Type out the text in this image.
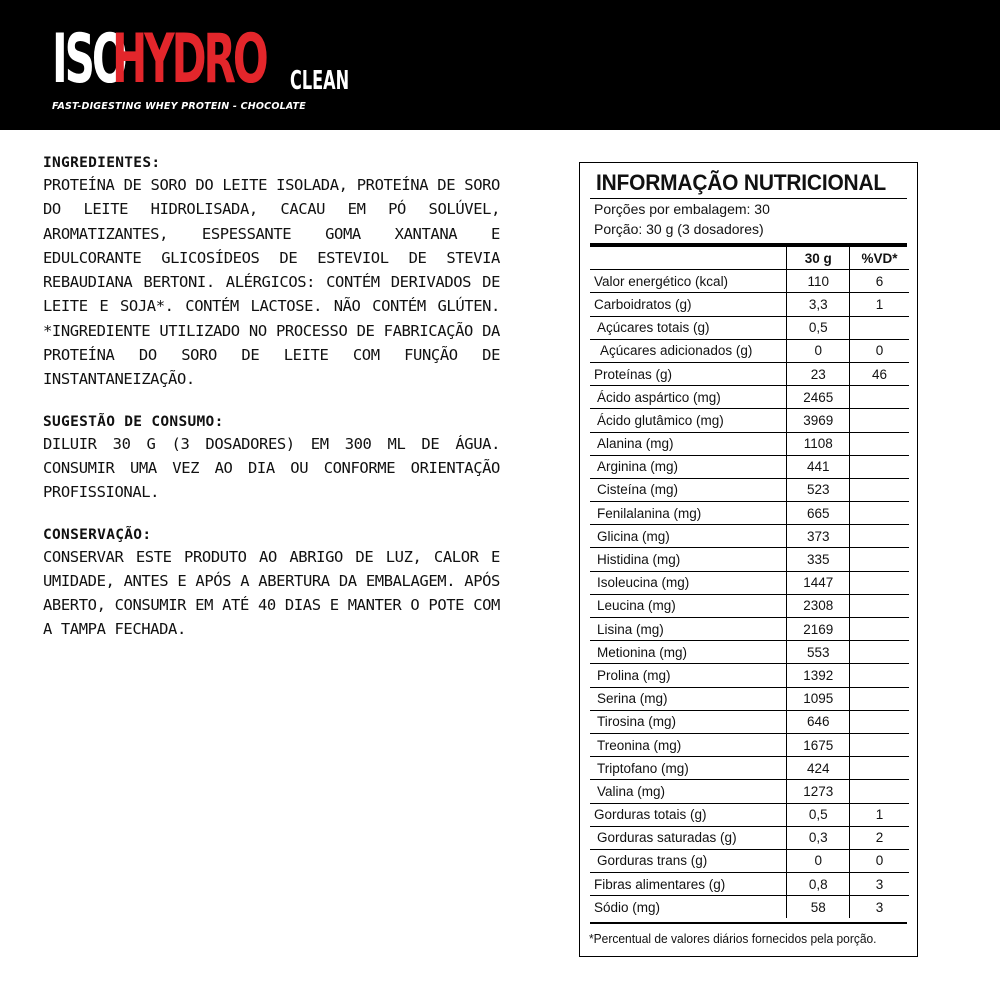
ISO
HYDRO CLEAN
FAST-DIGESTING WHEY PROTEIN - CHOCOLATE
INGREDIENTES:
PROTEÍNA DE SORO DO LEITE ISOLADA, PROTEÍNA DE SORO DO LEITE HIDROLISADA, CACAU EM PÓ SOLÚVEL, AROMATIZANTES, ESPESSANTE GOMA XANTANA E EDULCORANTE GLICOSÍDEOS DE ESTEVIOL DE STEVIA REBAUDIANA BERTONI. ALÉRGICOS: CONTÉM DERIVADOS DE LEITE E SOJA*. CONTÉM LACTOSE. NÃO CONTÉM GLÚTEN. *INGREDIENTE UTILIZADO NO PROCESSO DE FABRICAÇÃO DA PROTEÍNA DO SORO DE LEITE COM FUNÇÃO DE INSTANTANEIZAÇÃO.
SUGESTÃO DE CONSUMO:
DILUIR 30 G (3 DOSADORES) EM 300 ML DE ÁGUA. CONSUMIR UMA VEZ AO DIA OU CONFORME ORIENTAÇÃO PROFISSIONAL.
CONSERVAÇÃO:
CONSERVAR ESTE PRODUTO AO ABRIGO DE LUZ, CALOR E UMIDADE, ANTES E APÓS A ABERTURA DA EMBALAGEM. APÓS ABERTO, CONSUMIR EM ATÉ 40 DIAS E MANTER O POTE COM A TAMPA FECHADA.
INFORMAÇÃO NUTRICIONAL
Porções por embalagem: 30
Porção: 30 g (3 dosadores)
	30 g	%VD*
Valor energético (kcal)	110	6
Carboidratos (g)	3,3	1
Açúcares totais (g)	0,5	
Açúcares adicionados (g)	0	0
Proteínas (g)	23	46
Ácido aspártico (mg)	2465	
Ácido glutâmico (mg)	3969	
Alanina (mg)	1108	
Arginina (mg)	441	
Cisteína (mg)	523	
Fenilalanina (mg)	665	
Glicina (mg)	373	
Histidina (mg)	335	
Isoleucina (mg)	1447	
Leucina (mg)	2308	
Lisina (mg)	2169	
Metionina (mg)	553	
Prolina (mg)	1392	
Serina (mg)	1095	
Tirosina (mg)	646	
Treonina (mg)	1675	
Triptofano (mg)	424	
Valina (mg)	1273	
Gorduras totais (g)	0,5	1
Gorduras saturadas (g)	0,3	2
Gorduras trans (g)	0	0
Fibras alimentares (g)	0,8	3
Sódio (mg)	58	3
*Percentual de valores diários fornecidos pela porção.
